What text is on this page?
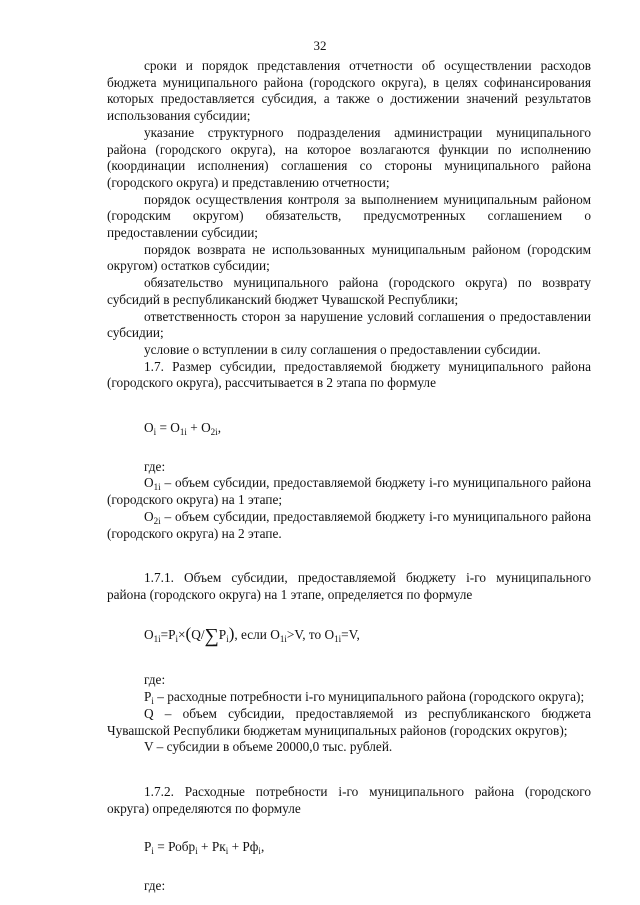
32

сроки и порядок представления отчетности об осуществлении расходов бюджета муниципального района (городского округа), в целях софинансирования которых предоставляется субсидия, а также о достижении значений результатов использования субсидии;

указание структурного подразделения администрации муниципального района (городского округа), на которое возлагаются функции по исполнению (координации исполнения) соглашения со стороны муниципального района (городского округа) и представлению отчетности;

порядок осуществления контроля за выполнением муниципальным районом (городским округом) обязательств, предусмотренных соглашением о предоставлении субсидии;

порядок возврата не использованных муниципальным районом (городским округом) остатков субсидии;

обязательство муниципального района (городского округа) по возврату субсидий в республиканский бюджет Чувашской Республики;

ответственность сторон за нарушение условий соглашения о предоставлении субсидии;

условие о вступлении в силу соглашения о предоставлении субсидии.

1.7. Размер субсидии, предоставляемой бюджету муниципального района (городского округа), рассчитывается в 2 этапа по формуле

$O_i = O_{1i} + O_{2i}$,

где:

$O_{1i}$ – объем субсидии, предоставляемой бюджету i-го муниципального района (городского округа) на 1 этапе;

$O_{2i}$ – объем субсидии, предоставляемой бюджету i-го муниципального района (городского округа) на 2 этапе.

1.7.1. Объем субсидии, предоставляемой бюджету i-го муниципального района (городского округа) на 1 этапе, определяется по формуле

$O_{1i}=P_i\times(Q/\sum P_i)$, если $O_{1i}>V$, то $O_{1i}=V$,

где:

$P_i$ – расходные потребности i-го муниципального района (городского округа);

Q – объем субсидии, предоставляемой из республиканского бюджета Чувашской Республики бюджетам муниципальных районов (городских округов);

V – субсидии в объеме 20000,0 тыс. рублей.

1.7.2. Расходные потребности i-го муниципального района (городского округа) определяются по формуле

$P_i$ = Робр$_i$ + $Рк_i + Рф_i$,

где:
